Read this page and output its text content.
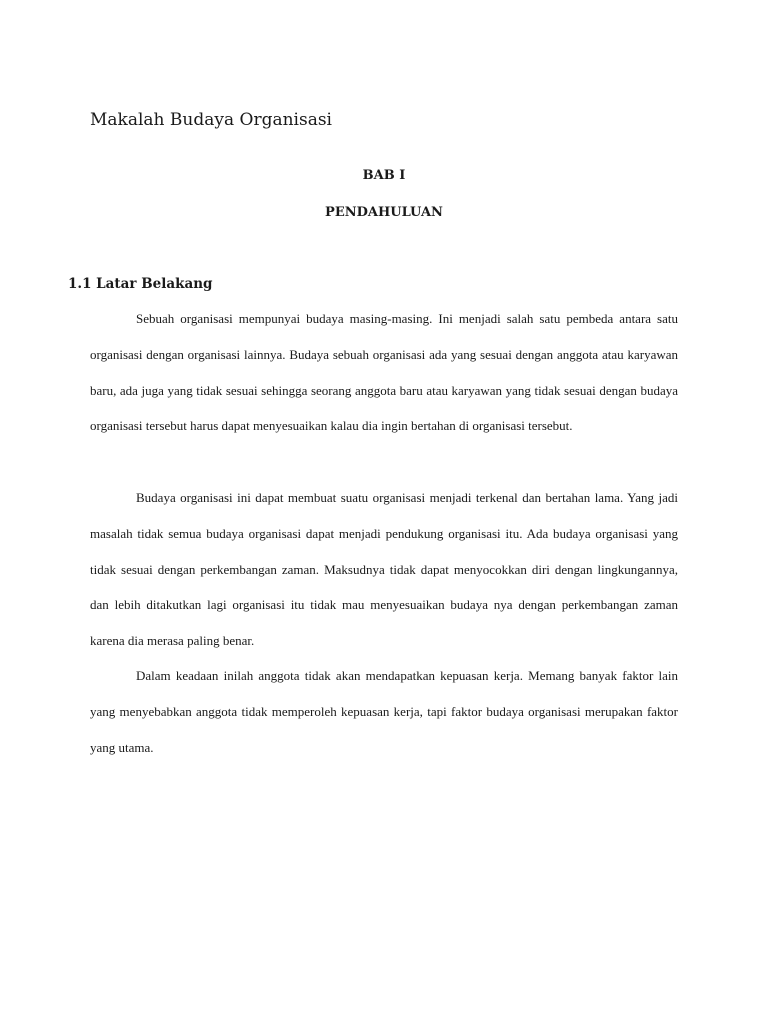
Makalah Budaya Organisasi
BAB I
PENDAHULUAN
1.1 Latar Belakang

Sebuah organisasi mempunyai budaya masing-masing. Ini menjadi salah satu pembeda antara satu organisasi dengan organisasi lainnya. Budaya sebuah organisasi ada yang sesuai dengan anggota atau karyawan baru, ada juga yang tidak sesuai sehingga seorang anggota baru atau karyawan yang tidak sesuai dengan budaya organisasi tersebut harus dapat menyesuaikan kalau dia ingin bertahan di organisasi tersebut.

Budaya organisasi ini dapat membuat suatu organisasi menjadi terkenal dan bertahan lama. Yang jadi masalah tidak semua budaya organisasi dapat menjadi pendukung organisasi itu. Ada budaya organisasi yang tidak sesuai dengan perkembangan zaman. Maksudnya tidak dapat menyocokkan diri dengan lingkungannya, dan lebih ditakutkan lagi organisasi itu tidak mau menyesuaikan budaya nya dengan perkembangan zaman karena dia merasa paling benar.

Dalam keadaan inilah anggota tidak akan mendapatkan kepuasan kerja. Memang banyak faktor lain yang menyebabkan anggota tidak memperoleh kepuasan kerja, tapi faktor budaya organisasi merupakan faktor yang utama.
